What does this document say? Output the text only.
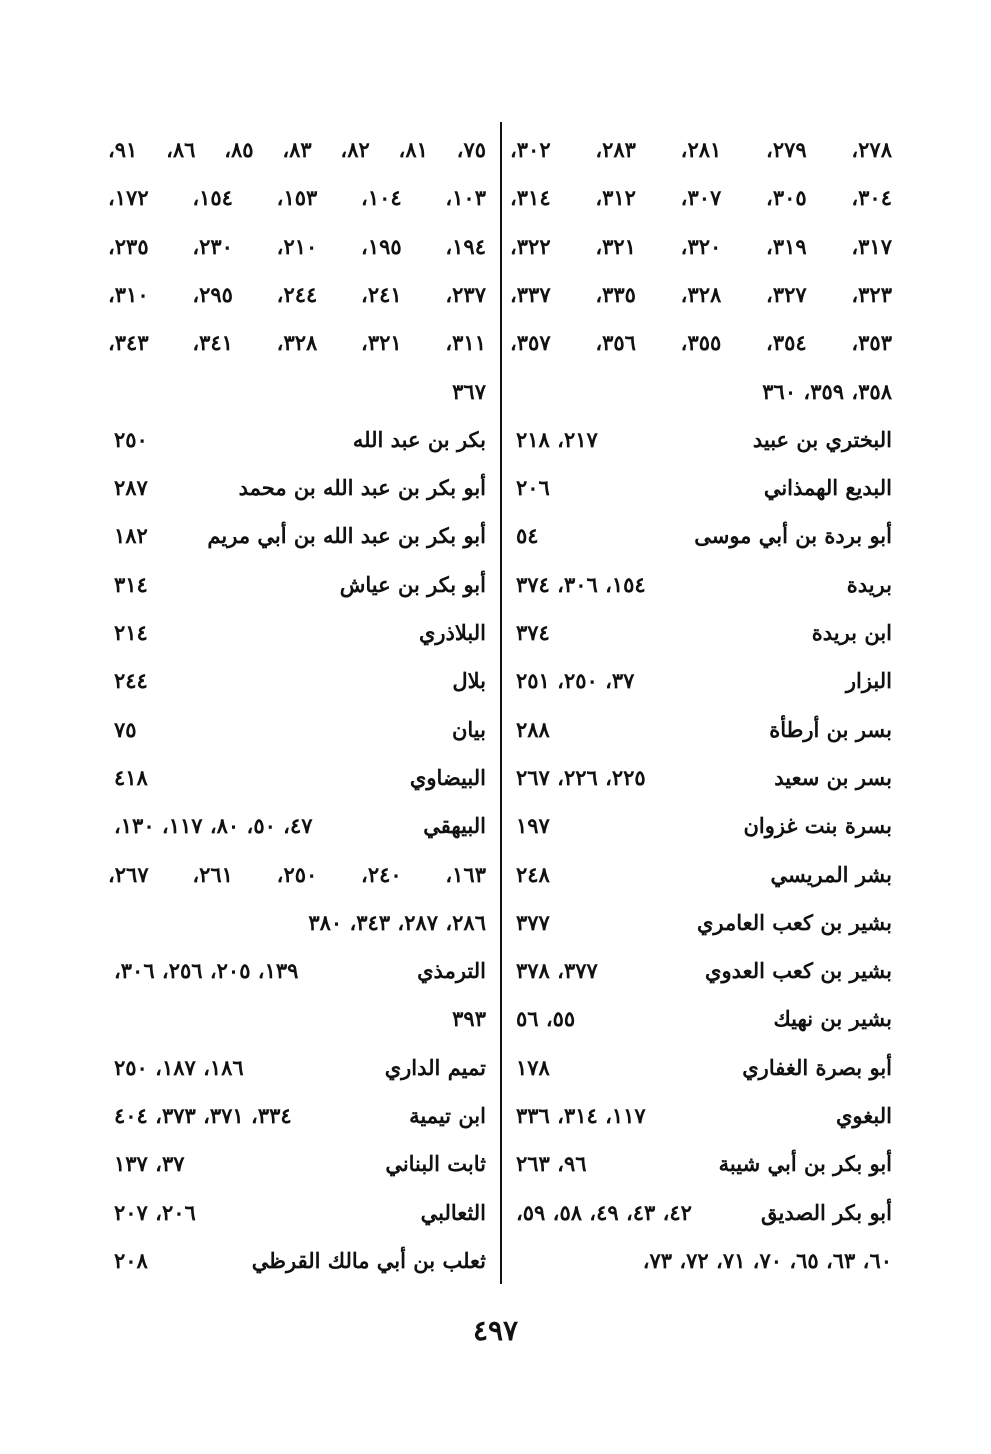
٢٧٨، ٢٧٩، ٢٨١، ٢٨٣، ٣٠٢،
٣٠٤، ٣٠٥، ٣٠٧، ٣١٢، ٣١٤،
٣١٧، ٣١٩، ٣٢٠، ٣٢١، ٣٢٢،
٣٢٣، ٣٢٧، ٣٢٨، ٣٣٥، ٣٣٧،
٣٥٣، ٣٥٤، ٣٥٥، ٣٥٦، ٣٥٧،
٣٥٨، ٣٥٩، ٣٦٠
البختري بن عبيد
٢١٧، ٢١٨
البديع الهمذاني
٢٠٦
أبو بردة بن أبي موسى
٥٤
بريدة
١٥٤، ٣٠٦، ٣٧٤
ابن بريدة
٣٧٤
البزار
٣٧، ٢٥٠، ٢٥١
بسر بن أرطأة
٢٨٨
بسر بن سعيد
٢٢٥، ٢٢٦، ٢٦٧
بسرة بنت غزوان
١٩٧
بشر المريسي
٢٤٨
بشير بن كعب العامري
٣٧٧
بشير بن كعب العدوي
٣٧٧، ٣٧٨
بشير بن نهيك
٥٥، ٥٦
أبو بصرة الغفاري
١٧٨
البغوي
١١٧، ٣١٤، ٣٣٦
أبو بكر بن أبي شيبة
٩٦، ٢٦٣
أبو بكر الصديق
٤٢، ٤٣، ٤٩، ٥٨، ٥٩،
٦٠، ٦٣، ٦٥، ٧٠، ٧١، ٧٢، ٧٣،
٧٥، ٨١، ٨٢، ٨٣، ٨٥، ٨٦، ٩١،
١٠٣، ١٠٤، ١٥٣، ١٥٤، ١٧٢،
١٩٤، ١٩٥، ٢١٠، ٢٣٠، ٢٣٥،
٢٣٧، ٢٤١، ٢٤٤، ٢٩٥، ٣١٠،
٣١١، ٣٢١، ٣٢٨، ٣٤١، ٣٤٣،
٣٦٧
بكر بن عبد الله
٢٥٠
أبو بكر بن عبد الله بن محمد
٢٨٧
أبو بكر بن عبد الله بن أبي مريم
١٨٢
أبو بكر بن عياش
٣١٤
البلاذري
٢١٤
بلال
٢٤٤
بيان
٧٥
البيضاوي
٤١٨
البيهقي
٤٧، ٥٠، ٨٠، ١١٧، ١٣٠،
١٦٣، ٢٤٠، ٢٥٠، ٢٦١، ٢٦٧،
٢٨٦، ٢٨٧، ٣٤٣، ٣٨٠
الترمذي
١٣٩، ٢٠٥، ٢٥٦، ٣٠٦،
٣٩٣
تميم الداري
١٨٦، ١٨٧، ٢٥٠
ابن تيمية
٣٣٤، ٣٧١، ٣٧٣، ٤٠٤
ثابت البناني
٣٧، ١٣٧
الثعالبي
٢٠٦، ٢٠٧
ثعلب بن أبي مالك القرظي
٢٠٨
٤٩٧
